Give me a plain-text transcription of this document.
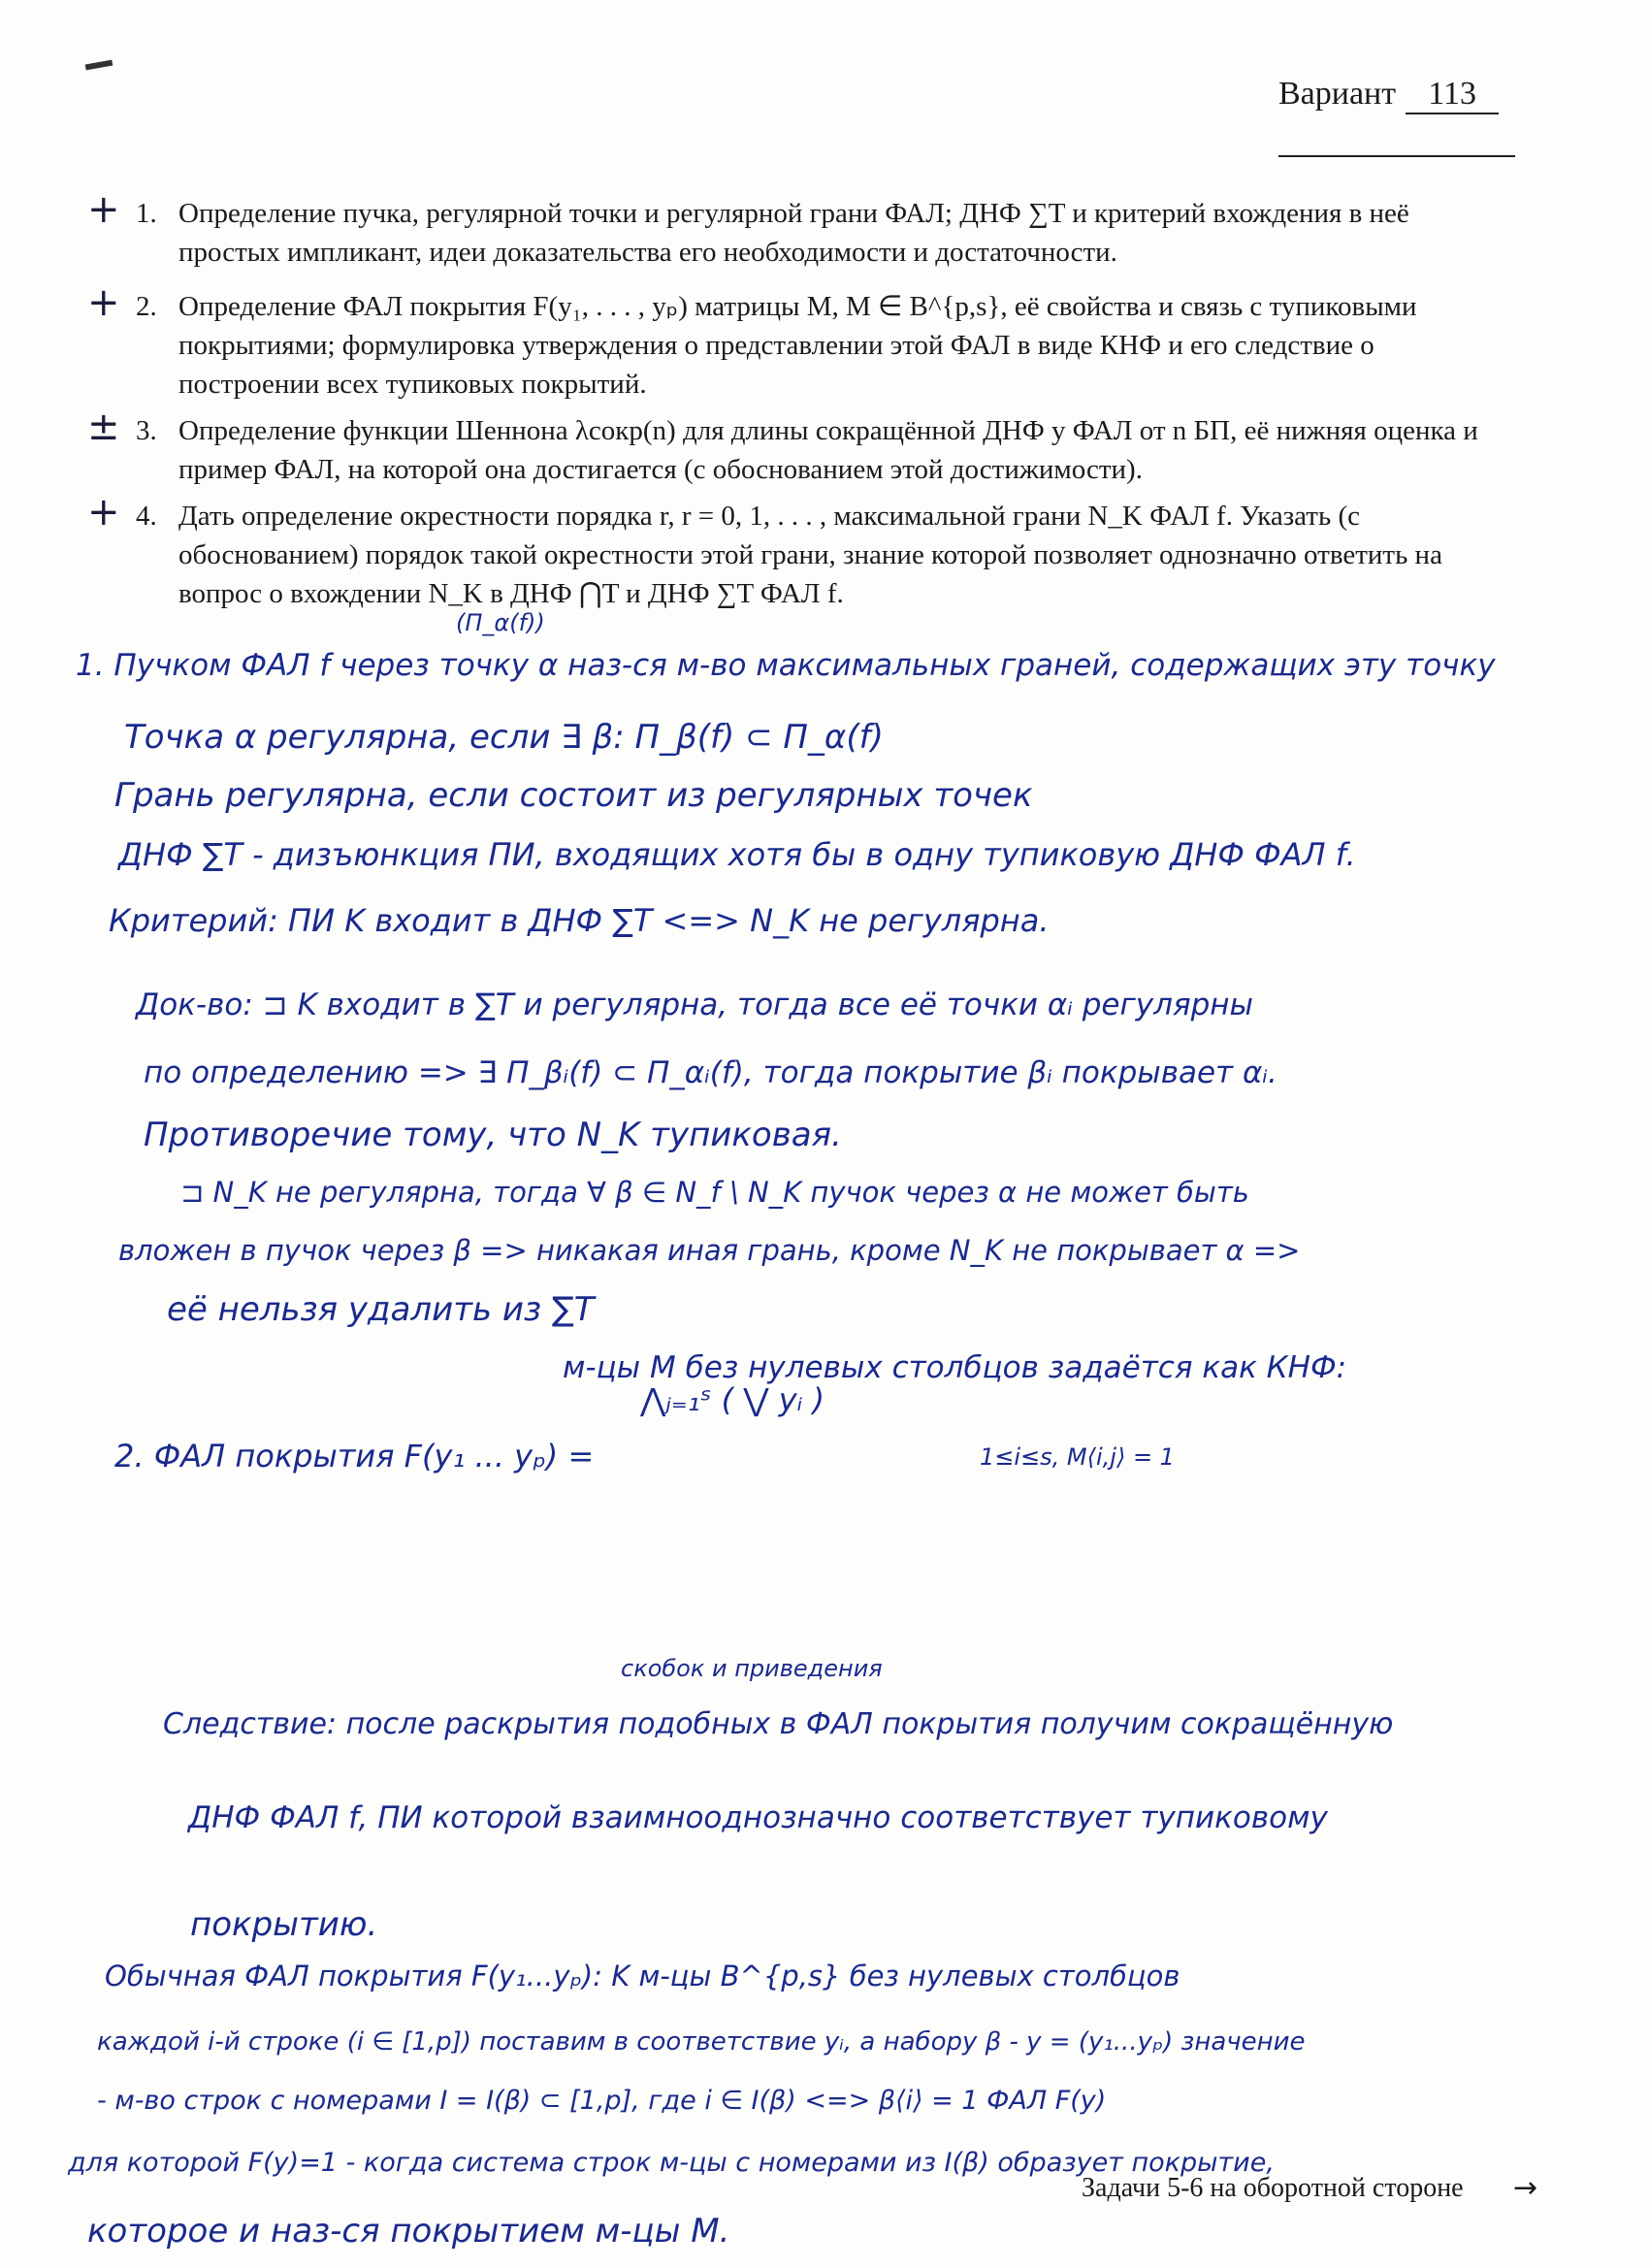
Вариант 113
+ 1. Определение пучка, регулярной точки и регулярной грани ФАЛ; ДНФ ∑T и критерий вхождения в неё простых импликант, идеи доказательства его необходимости и достаточности.
+ 2. Определение ФАЛ покрытия F(y₁, . . . , yₚ) матрицы M, M ∈ B^{p,s}, её свойства и связь с тупиковыми покрытиями; формулировка утверждения о представлении этой ФАЛ в виде КНФ и его следствие о построении всех тупиковых покрытий.
± 3. Определение функции Шеннона λсокр(n) для длины сокращённой ДНФ у ФАЛ от n БП, её нижняя оценка и пример ФАЛ, на которой она достигается (с обоснованием этой достижимости).
+ 4. Дать определение окрестности порядка r, r = 0, 1, . . . , максимальной грани N_K ФАЛ f. Указать (с обоснованием) порядок такой окрестности этой грани, знание которой позволяет однозначно ответить на вопрос о вхождении N_K в ДНФ ⋂T и ДНФ ∑T ФАЛ f.
(Π_α(f))
1. Пучком ФАЛ f через точку α наз-ся м-во максимальных граней, содержащих эту точку
Точка α регулярна, если ∃ β: Π_β(f) ⊂ Π_α(f)
Грань регулярна, если состоит из регулярных точек
ДНФ ∑T - дизъюнкция ПИ, входящих хотя бы в одну тупиковую ДНФ ФАЛ f.
Критерий: ПИ K входит в ДНФ ∑T <=> N_K не регулярна.
Док-во: ⊐ K входит в ∑T и регулярна, тогда все её точки αᵢ регулярны
по определению => ∃ Π_βᵢ(f) ⊂ Π_αᵢ(f), тогда покрытие βᵢ покрывает αᵢ.
Противоречие тому, что N_K тупиковая.
⊐ N_K не регулярна, тогда ∀ β ∈ N_f \ N_K пучок через α не может быть
вложен в пучок через β => никакая иная грань, кроме N_K не покрывает α =>
её нельзя удалить из ∑T
м-цы M без нулевых столбцов задаётся как КНФ:
2. ФАЛ покрытия F(y₁ ... yₚ) =
⋀ⱼ₌₁ˢ ( ⋁ yᵢ )
1≤i≤s, M⟨i,j⟩ = 1
скобок и приведения
Следствие: после раскрытия подобных в ФАЛ покрытия получим сокращённую
ДНФ ФАЛ f, ПИ которой взаимнооднозначно соответствует тупиковому
покрытию.
Обычная ФАЛ покрытия F(y₁...yₚ): K м-цы B^{p,s} без нулевых столбцов
каждой i-й строке (i ∈ [1,p]) поставим в соответствие yᵢ, а набору β - y = (y₁...yₚ) значение
- м-во строк с номерами I = I(β) ⊂ [1,p], где i ∈ I(β) <=> β⟨i⟩ = 1 ФАЛ F(y)
для которой F(y)=1 - когда система строк м-цы с номерами из I(β) образует покрытие,
которое и наз-ся покрытием м-цы M.
Задачи 5-6 на оборотной стороне →
